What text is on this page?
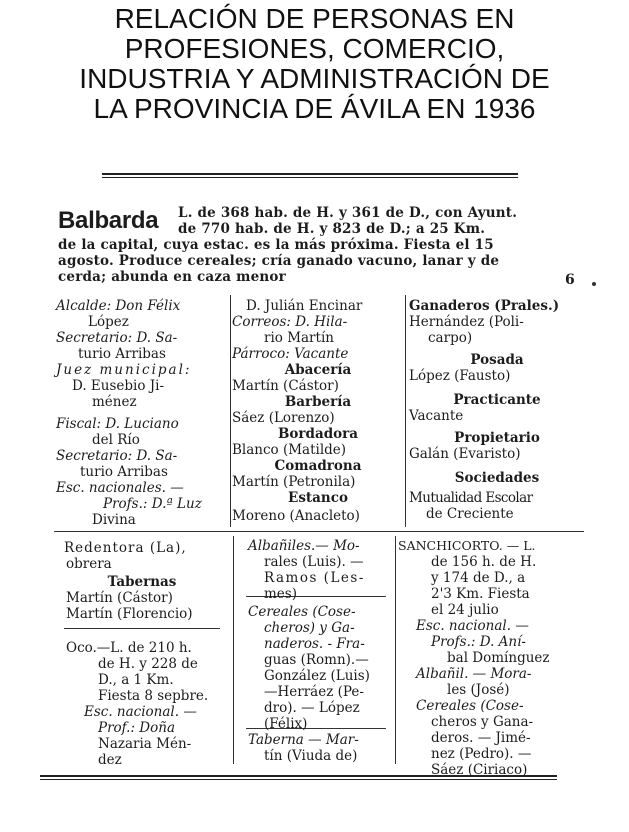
RELACIÓN DE PERSONAS EN
PROFESIONES, COMERCIO,
INDUSTRIA Y ADMINISTRACIÓN DE
LA PROVINCIA DE ÁVILA EN 1936
Balbarda L. de 368 hab. de H. y 361 de D., con Ayunt.
de 770 hab. de H. y 823 de D.; a 25 Km.
de la capital, cuya estac. es la más próxima. Fiesta el 15
agosto. Produce cereales; cría ganado vacuno, lanar y de
cerda; abunda en caza menor	6
Alcalde: Don Félix
López
Secretario: D. Sa-
turio Arribas
Juez municipal:
D. Eusebio Ji-
ménez
Fiscal: D. Luciano
del Río
Secretario: D. Sa-
turio Arribas
Esc. nacionales. —
Profs.: D.ª Luz
Divina
D. Julián Encinar
Correos: D. Hila-
rio Martín
Párroco: Vacante
Abacería
Martín (Cástor)
Barbería
Sáez (Lorenzo)
Bordadora
Blanco (Matilde)
Comadrona
Martín (Petronila)
Estanco
Moreno (Anacleto)
Ganaderos (Prales.)
Hernández (Poli-
carpo)
Posada
López (Fausto)
Practicante
Vacante
Propietario
Galán (Evaristo)
Sociedades
Mutualidad Escolar
de Creciente
Redentora (La),
obrera
Tabernas
Martín (Cástor)
Martín (Florencio)
Oco.—L. de 210 h.
de H. y 228 de
D., a 1 Km.
Fiesta 8 sepbre.
Esc. nacional. —
Prof.: Doña
Nazaria Mén-
dez
Albañiles.— Mo-
rales (Luis). —
Ramos (Les-
mes)
Cereales (Cose-
cheros) y Ga-
naderos. - Fra-
guas (Romn).—
González (Luis)
—Herráez (Pe-
dro). — López
(Félix)
Taberna — Mar-
tín (Viuda de)
SANCHICORTO. — L.
de 156 h. de H.
y 174 de D., a
2'3 Km. Fiesta
el 24 julio
Esc. nacional. —
Profs.: D. Aní-
bal Domínguez
Albañil. — Mora-
les (José)
Cereales (Cose-
cheros y Gana-
deros. — Jimé-
nez (Pedro). —
Sáez (Ciriaco)
